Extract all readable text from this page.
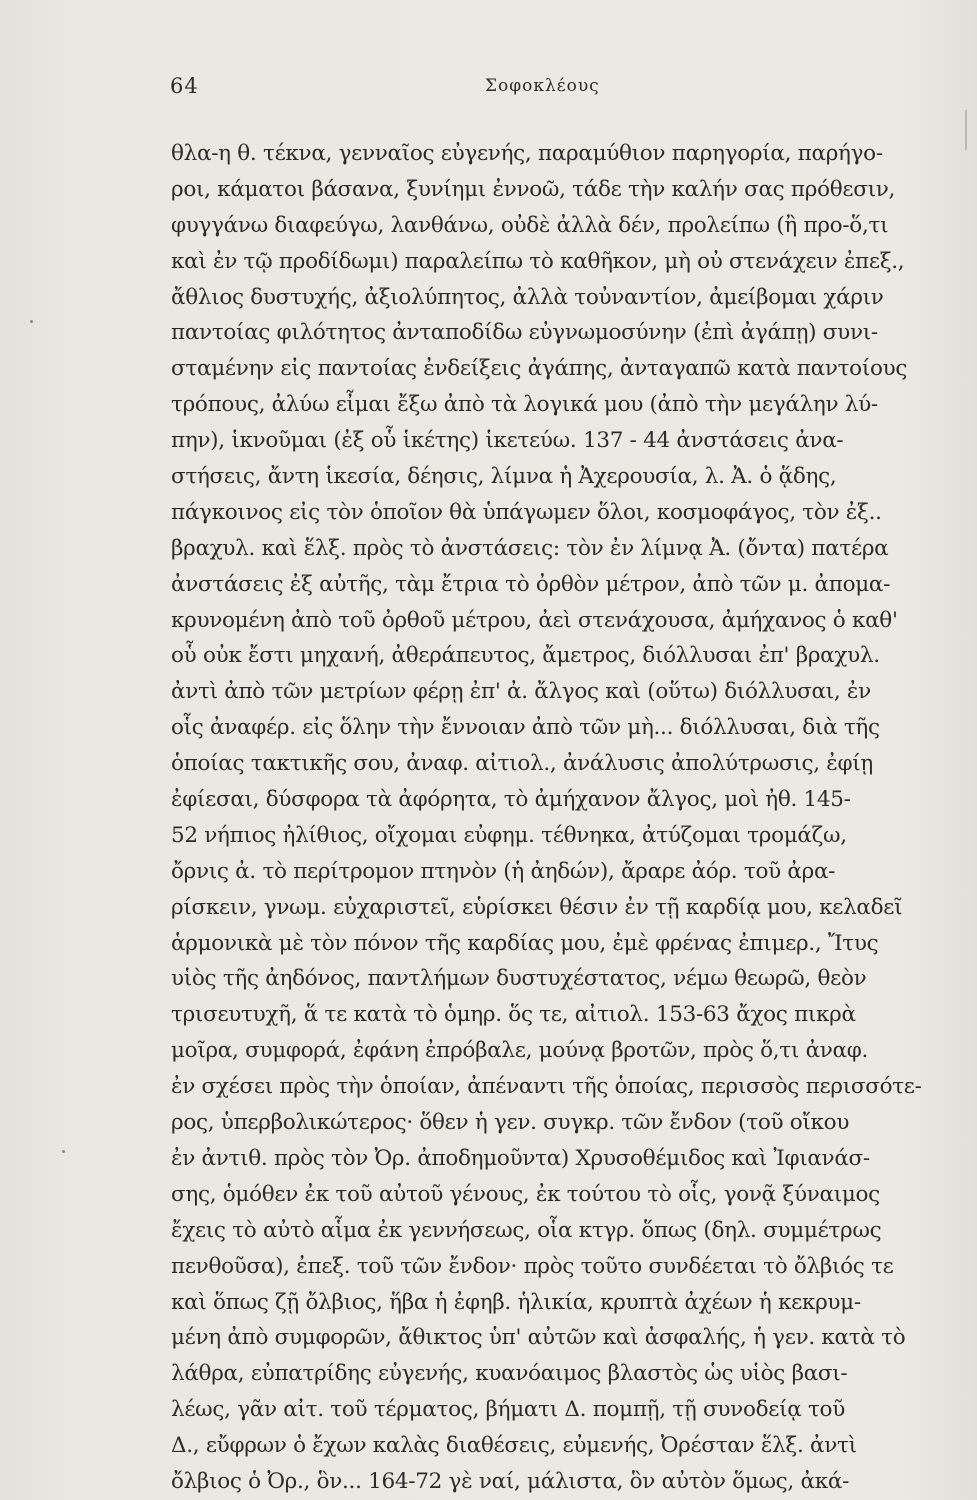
64	Σοφοκλέους
θλα-η θ. τέκνα, γενναῖος εὐγενής, παραμύθιον παρηγορία, παρήγο-
ροι, κάματοι βάσανα, ξυνίημι ἐννοῶ, τάδε τὴν καλήν σας πρόθεσιν,
φυγγάνω διαφεύγω, λανθάνω, οὐδὲ ἀλλὰ δέν, προλείπω (ἢ προ-ὅ,τι
καὶ ἐν τῷ προδίδωμι) παραλείπω τὸ καθῆκον, μὴ οὐ στενάχειν ἐπεξ.,
ἄθλιος δυστυχής, ἀξιολύπητος, ἀλλὰ τοὐναντίον, ἀμείβομαι χάριν
παντοίας φιλότητος ἀνταποδίδω εὐγνωμοσύνην (ἐπὶ ἀγάπῃ) συνι-
σταμένην εἰς παντοίας ἐνδείξεις ἀγάπης, ἀνταγαπῶ κατὰ παντοίους
τρόπους, ἀλύω εἶμαι ἔξω ἀπὸ τὰ λογικά μου (ἀπὸ τὴν μεγάλην λύ-
πην), ἱκνοῦμαι (ἐξ οὗ ἱκέτης) ἱκετεύω. 137 - 44 ἀνστάσεις ἀνα-
στήσεις, ἄντη ἱκεσία, δέησις, λίμνα ἡ Ἀχερουσία, λ. Ἀ. ὁ ᾅδης,
πάγκοινος εἰς τὸν ὁποῖον θὰ ὑπάγωμεν ὅλοι, κοσμοφάγος, τὸν ἐξ..
βραχυλ. καὶ ἕλξ. πρὸς τὸ ἀνστάσεις: τὸν ἐν λίμνᾳ Ἀ. (ὄντα) πατέρα
ἀνστάσεις ἐξ αὐτῆς, τὰμ ἔτρια τὸ ὀρθὸν μέτρον, ἀπὸ τῶν μ. ἀπομα-
κρυνομένη ἀπὸ τοῦ ὀρθοῦ μέτρου, ἀεὶ στενάχουσα, ἀμήχανος ὁ καθ'
οὗ οὐκ ἔστι μηχανή, ἀθεράπευτος, ἄμετρος, διόλλυσαι ἐπ' βραχυλ.
ἀντὶ ἀπὸ τῶν μετρίων φέρῃ ἐπ' ἀ. ἄλγος καὶ (οὕτω) διόλλυσαι, ἐν
οἷς ἀναφέρ. εἰς ὅλην τὴν ἔννοιαν ἀπὸ τῶν μὴ... διόλλυσαι, διὰ τῆς
ὁποίας τακτικῆς σου, ἀναφ. αἰτιολ., ἀνάλυσις ἀπολύτρωσις, ἐφίῃ
ἐφίεσαι, δύσφορα τὰ ἀφόρητα, τὸ ἀμήχανον ἄλγος, μοὶ ἠθ. 145-
52 νήπιος ἠλίθιος, οἴχομαι εὐφημ. τέθνηκα, ἀτύζομαι τρομάζω,
ὄρνις ἀ. τὸ περίτρομον πτηνὸν (ἡ ἀηδών), ἄραρε ἀόρ. τοῦ ἀρα-
ρίσκειν, γνωμ. εὐχαριστεῖ, εὑρίσκει θέσιν ἐν τῇ καρδίᾳ μου, κελαδεῖ
ἁρμονικὰ μὲ τὸν πόνον τῆς καρδίας μου, ἐμὲ φρένας ἐπιμερ., Ἴτυς
υἱὸς τῆς ἀηδόνος, παντλήμων δυστυχέστατος, νέμω θεωρῶ, θεὸν
τρισευτυχῆ, ἅ τε κατὰ τὸ ὁμηρ. ὅς τε, αἰτιολ. 153-63 ἄχος πικρὰ
μοῖρα, συμφορά, ἐφάνη ἐπρόβαλε, μούνᾳ βροτῶν, πρὸς ὅ,τι ἀναφ.
ἐν σχέσει πρὸς τὴν ὁποίαν, ἀπέναντι τῆς ὁποίας, περισσὸς περισσότε-
ρος, ὑπερβολικώτερος· ὅθεν ἡ γεν. συγκρ. τῶν ἔνδον (τοῦ οἴκου
ἐν ἀντιθ. πρὸς τὸν Ὀρ. ἀποδημοῦντα) Χρυσοθέμιδος καὶ Ἰφιανάσ-
σης, ὁμόθεν ἐκ τοῦ αὐτοῦ γένους, ἐκ τούτου τὸ οἷς, γονᾷ ξύναιμος
ἔχεις τὸ αὐτὸ αἷμα ἐκ γεννήσεως, οἷα κτγρ. ὅπως (δηλ. συμμέτρως
πενθοῦσα), ἐπεξ. τοῦ τῶν ἔνδον· πρὸς τοῦτο συνδέεται τὸ ὄλβιός τε
καὶ ὅπως ζῇ ὄλβιος, ἥβα ἡ ἐφηβ. ἡλικία, κρυπτὰ ἀχέων ἡ κεκρυμ-
μένη ἀπὸ συμφορῶν, ἄθικτος ὑπ' αὐτῶν καὶ ἀσφαλής, ἡ γεν. κατὰ τὸ
λάθρα, εὐπατρίδης εὐγενής, κυανόαιμος βλαστὸς ὡς υἱὸς βασι-
λέως, γᾶν αἰτ. τοῦ τέρματος, βήματι Δ. πομπῇ, τῇ συνοδείᾳ τοῦ
Δ., εὔφρων ὁ ἔχων καλὰς διαθέσεις, εὐμενής, Ὀρέσταν ἕλξ. ἀντὶ
ὄλβιος ὁ Ὀρ., ὃν... 164-72 γὲ ναί, μάλιστα, ὃν αὐτὸν ὅμως, ἀκά-
